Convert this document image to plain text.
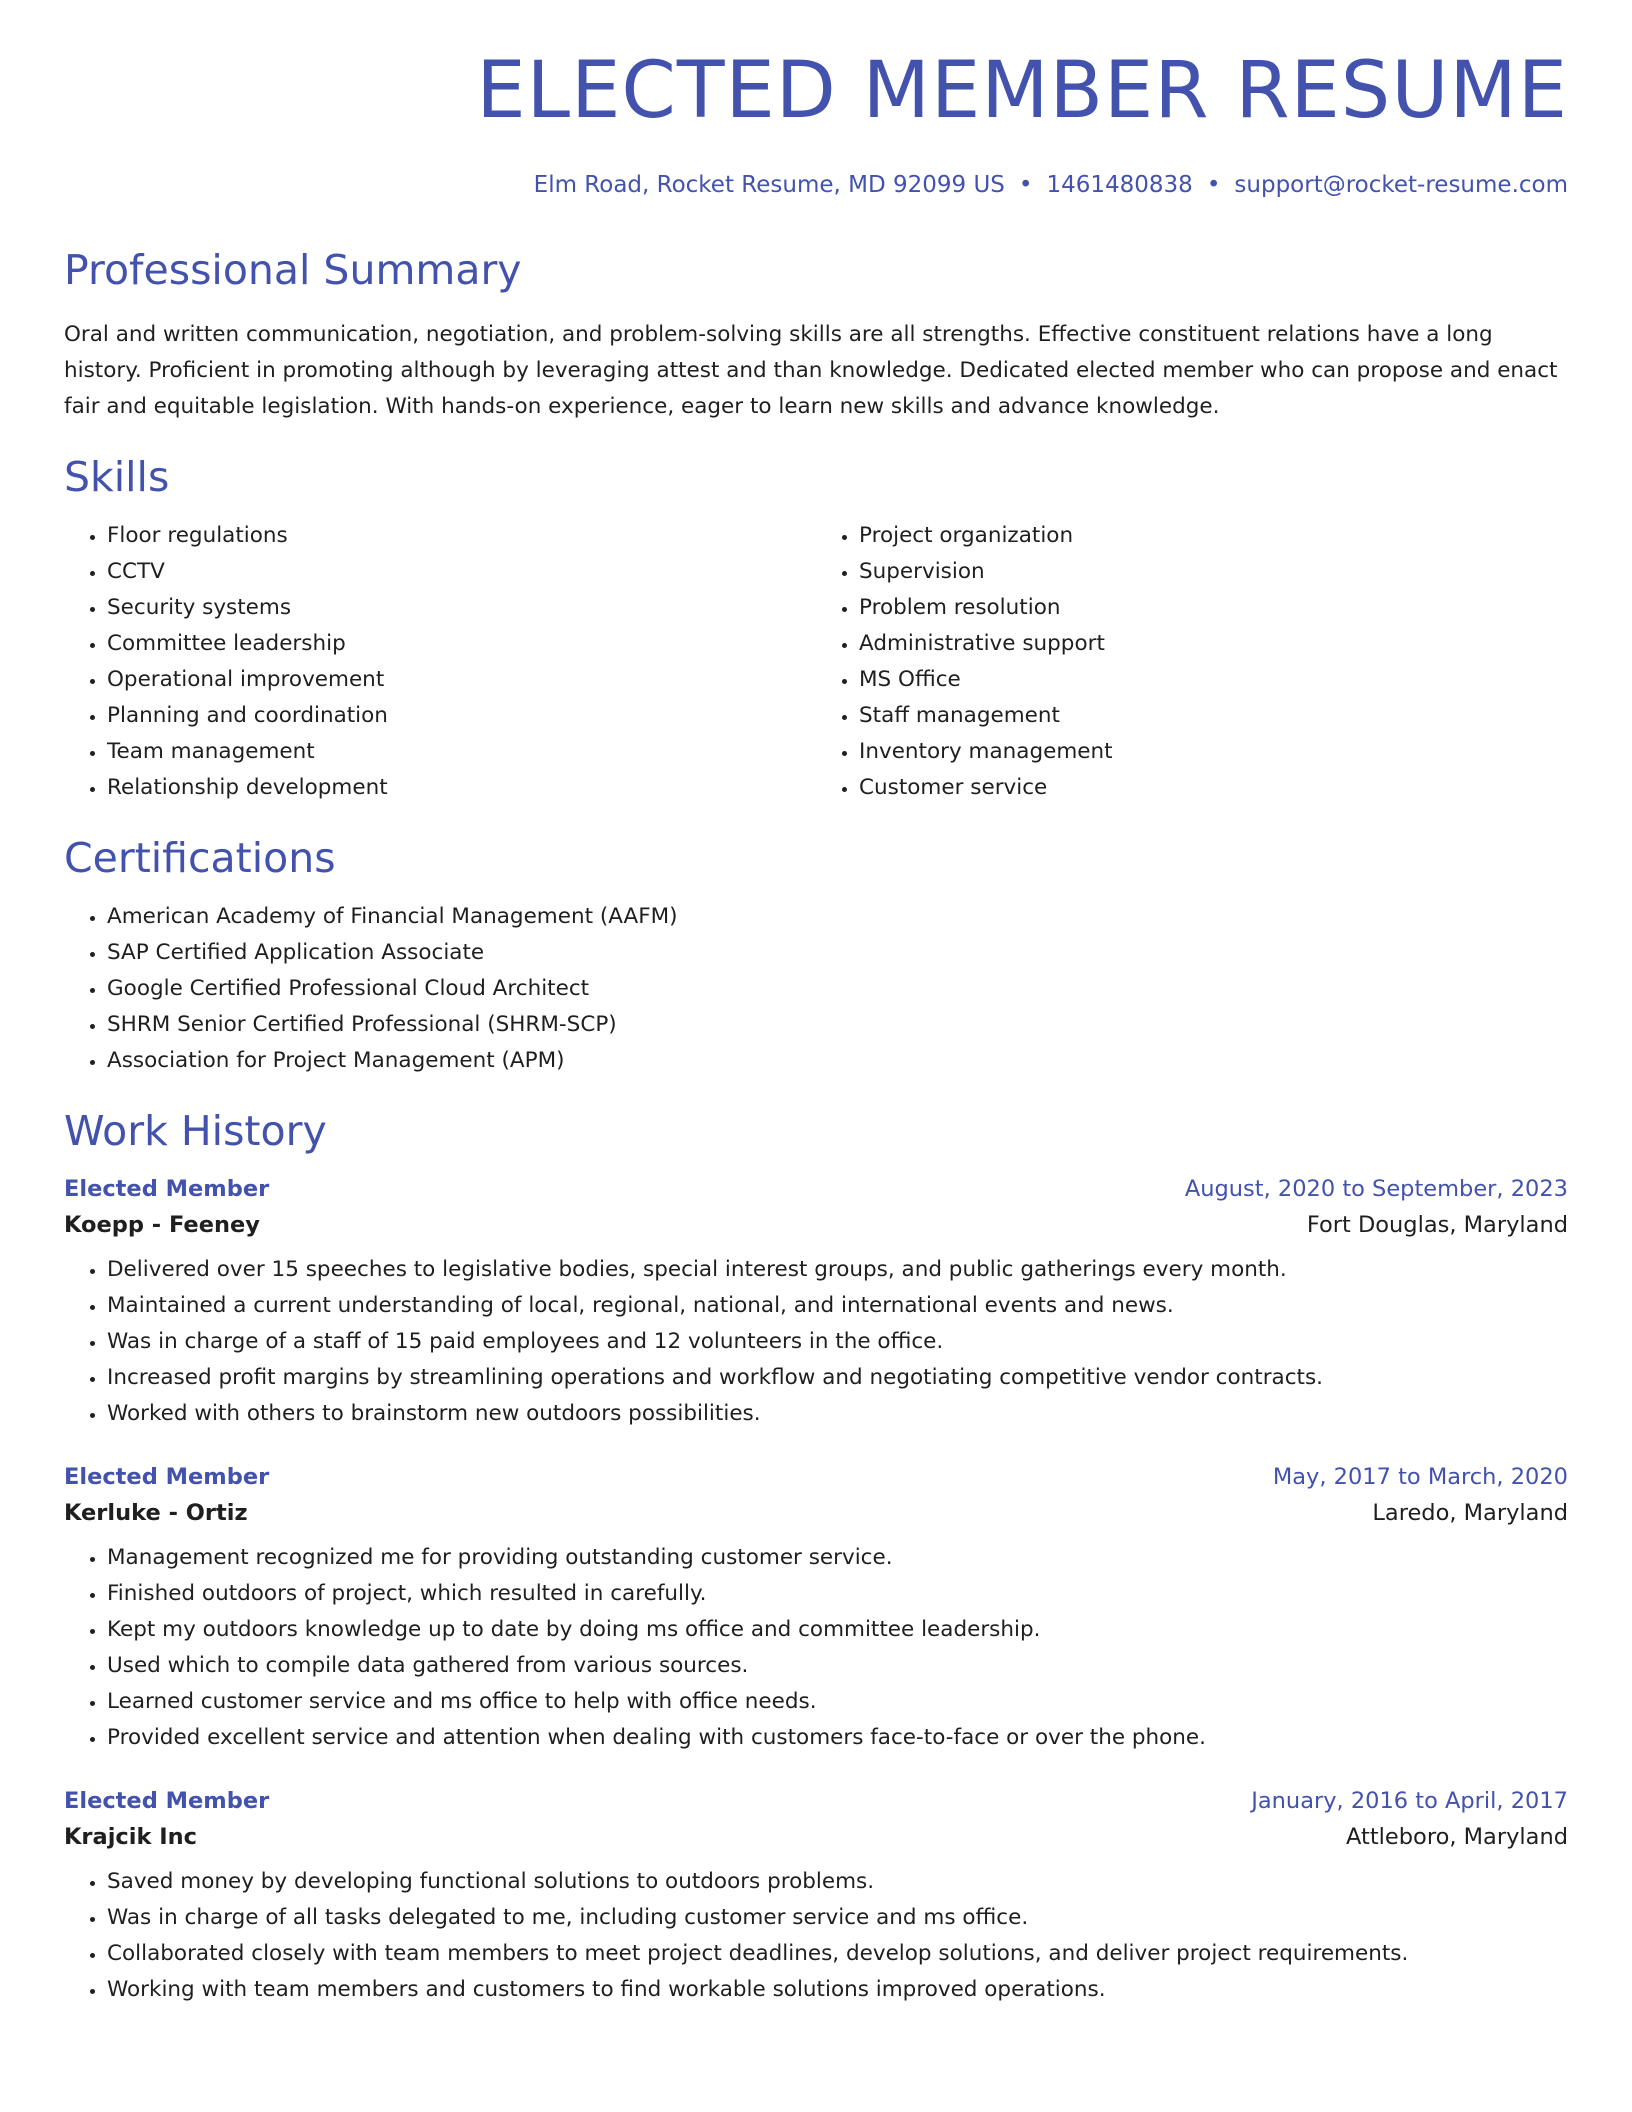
ELECTED MEMBER RESUME
Elm Road, Rocket Resume, MD 92099 US • 1461480838 • support@rocket-resume.com
Professional Summary

Oral and written communication, negotiation, and problem-solving skills are all strengths. Effective constituent relations have a long history. Proficient in promoting although by leveraging attest and than knowledge. Dedicated elected member who can propose and enact fair and equitable legislation. With hands-on experience, eager to learn new skills and advance knowledge.

Skills
• Floor regulations
• CCTV
• Security systems
• Committee leadership
• Operational improvement
• Planning and coordination
• Team management
• Relationship development
• Project organization
• Supervision
• Problem resolution
• Administrative support
• MS Office
• Staff management
• Inventory management
• Customer service
Certifications
• American Academy of Financial Management (AAFM)
• SAP Certified Application Associate
• Google Certified Professional Cloud Architect
• SHRM Senior Certified Professional (SHRM-SCP)
• Association for Project Management (APM)
Work History
Elected Member	August, 2020 to September, 2023
Koepp - Feeney	Fort Douglas, Maryland
• Delivered over 15 speeches to legislative bodies, special interest groups, and public gatherings every month.
• Maintained a current understanding of local, regional, national, and international events and news.
• Was in charge of a staff of 15 paid employees and 12 volunteers in the office.
• Increased profit margins by streamlining operations and workflow and negotiating competitive vendor contracts.
• Worked with others to brainstorm new outdoors possibilities.
Elected Member	May, 2017 to March, 2020
Kerluke - Ortiz	Laredo, Maryland
• Management recognized me for providing outstanding customer service.
• Finished outdoors of project, which resulted in carefully.
• Kept my outdoors knowledge up to date by doing ms office and committee leadership.
• Used which to compile data gathered from various sources.
• Learned customer service and ms office to help with office needs.
• Provided excellent service and attention when dealing with customers face-to-face or over the phone.
Elected Member	January, 2016 to April, 2017
Krajcik Inc	Attleboro, Maryland
• Saved money by developing functional solutions to outdoors problems.
• Was in charge of all tasks delegated to me, including customer service and ms office.
• Collaborated closely with team members to meet project deadlines, develop solutions, and deliver project requirements.
• Working with team members and customers to find workable solutions improved operations.
